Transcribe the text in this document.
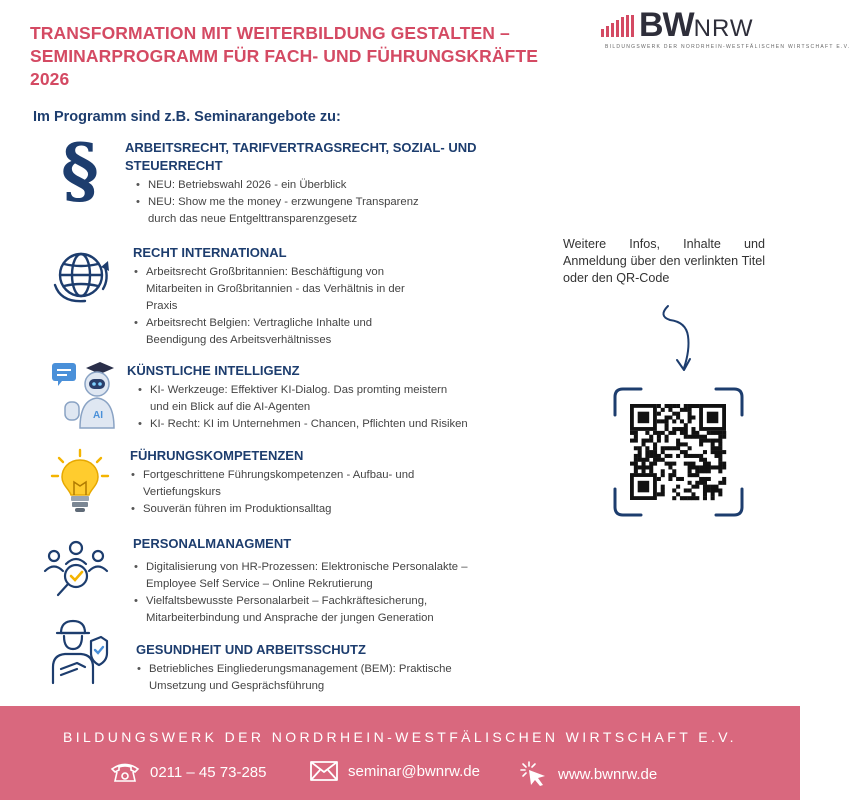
TRANSFORMATION MIT WEITERBILDUNG GESTALTEN –
SEMINARPROGRAMM FÜR FACH- UND FÜHRUNGSKRÄFTE
2026
BWNRW
BILDUNGSWERK DER NORDRHEIN-WESTFÄLISCHEN WIRTSCHAFT E.V.
Im Programm sind z.B. Seminarangebote zu:
§ ARBEITSRECHT, TARIFVERTRAGSRECHT, SOZIAL- UND
STEUERRECHT
• NEU: Betriebswahl 2026 - ein Überblick
• NEU: Show me the money - erzwungene Transparenz
durch das neue Entgelttransparenzgesetz
RECHT INTERNATIONAL
• Arbeitsrecht Großbritannien: Beschäftigung von
Mitarbeiten in Großbritannien - das Verhältnis in der
Praxis
• Arbeitsrecht Belgien: Vertragliche Inhalte und
Beendigung des Arbeitsverhältnisses
AI
KÜNSTLICHE INTELLIGENZ
• KI- Werkzeuge: Effektiver KI-Dialog. Das promting meistern
und ein Blick auf die AI-Agenten
• KI- Recht: KI im Unternehmen - Chancen, Pflichten und Risiken
FÜHRUNGSKOMPETENZEN
• Fortgeschrittene Führungskompetenzen - Aufbau- und
Vertiefungskurs
• Souverän führen im Produktionsalltag
PERSONALMANAGMENT
• Digitalisierung von HR-Prozessen: Elektronische Personalakte –
Employee Self Service – Online Rekrutierung
• Vielfaltsbewusste Personalarbeit – Fachkräftesicherung,
Mitarbeiterbindung und Ansprache der jungen Generation
GESUNDHEIT UND ARBEITSSCHUTZ
• Betriebliches Eingliederungsmanagement (BEM): Praktische
Umsetzung und Gesprächsführung
Weitere Infos, Inhalte und Anmeldung über den verlinkten Titel oder den QR-Code
BILDUNGSWERK DER NORDRHEIN-WESTFÄLISCHEN WIRTSCHAFT E.V.
0211 – 45 73-285	seminar@bwnrw.de	www.bwnrw.de
